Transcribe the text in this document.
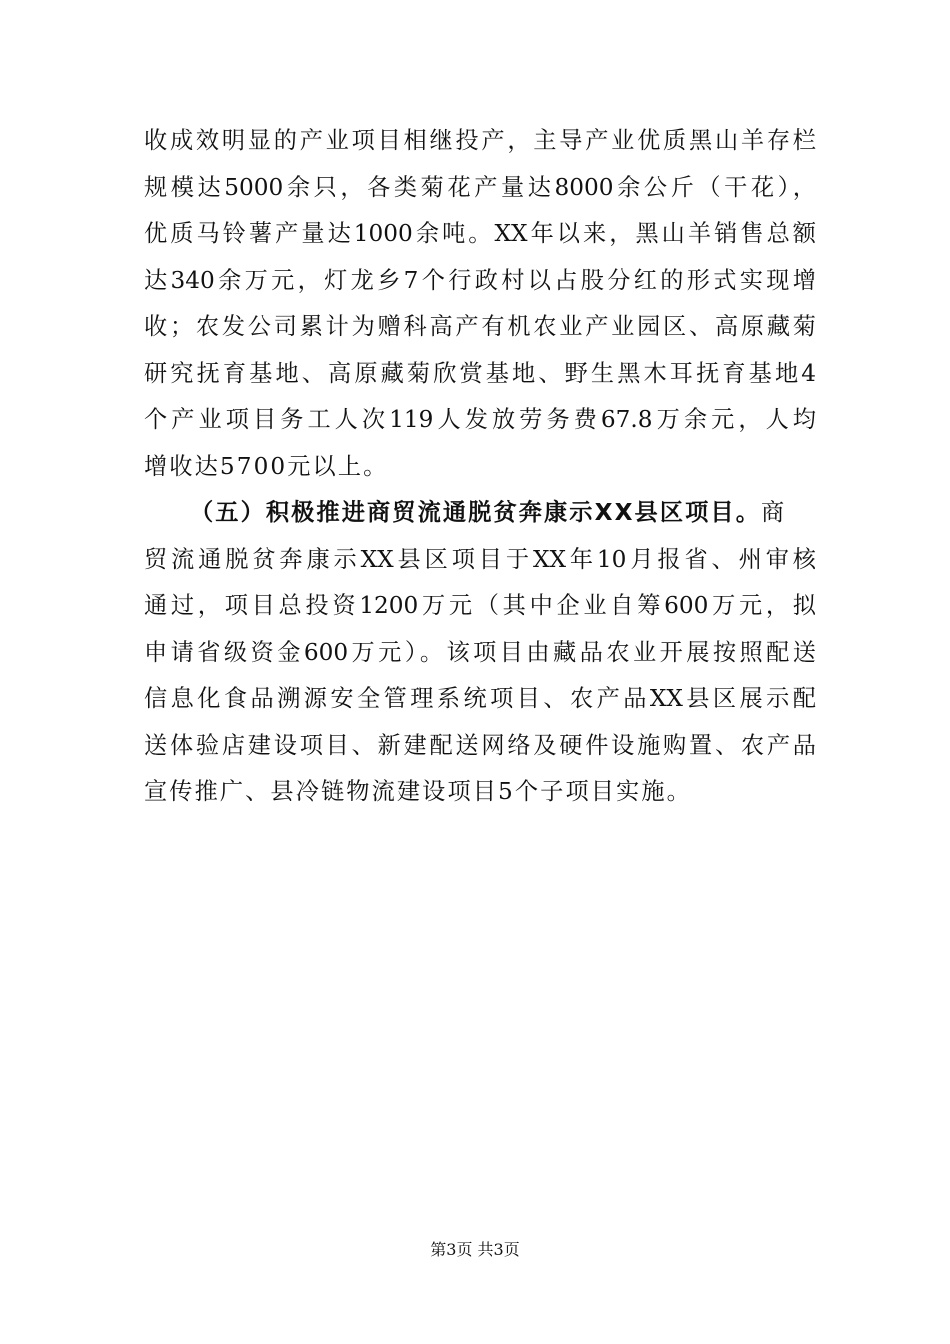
收成效明显的产业项目相继投产，主导产业优质黑山羊存栏
规模达5000余只，各类菊花产量达8000余公斤（干花），
优质马铃薯产量达1000余吨。XX年以来，黑山羊销售总额
达340余万元，灯龙乡7个行政村以占股分红的形式实现增
收；农发公司累计为赠科高产有机农业产业园区、高原藏菊
研究抚育基地、高原藏菊欣赏基地、野生黑木耳抚育基地4
个产业项目务工人次119人发放劳务费67.8万余元，人均
增收达5700元以上。
（五）积极推进商贸流通脱贫奔康示XX县区项目。商
贸流通脱贫奔康示XX县区项目于XX年10月报省、州审核
通过，项目总投资1200万元（其中企业自筹600万元，拟
申请省级资金600万元）。该项目由藏品农业开展按照配送
信息化食品溯源安全管理系统项目、农产品XX县区展示配
送体验店建设项目、新建配送网络及硬件设施购置、农产品
宣传推广、县冷链物流建设项目5个子项目实施。
第3页 共3页
